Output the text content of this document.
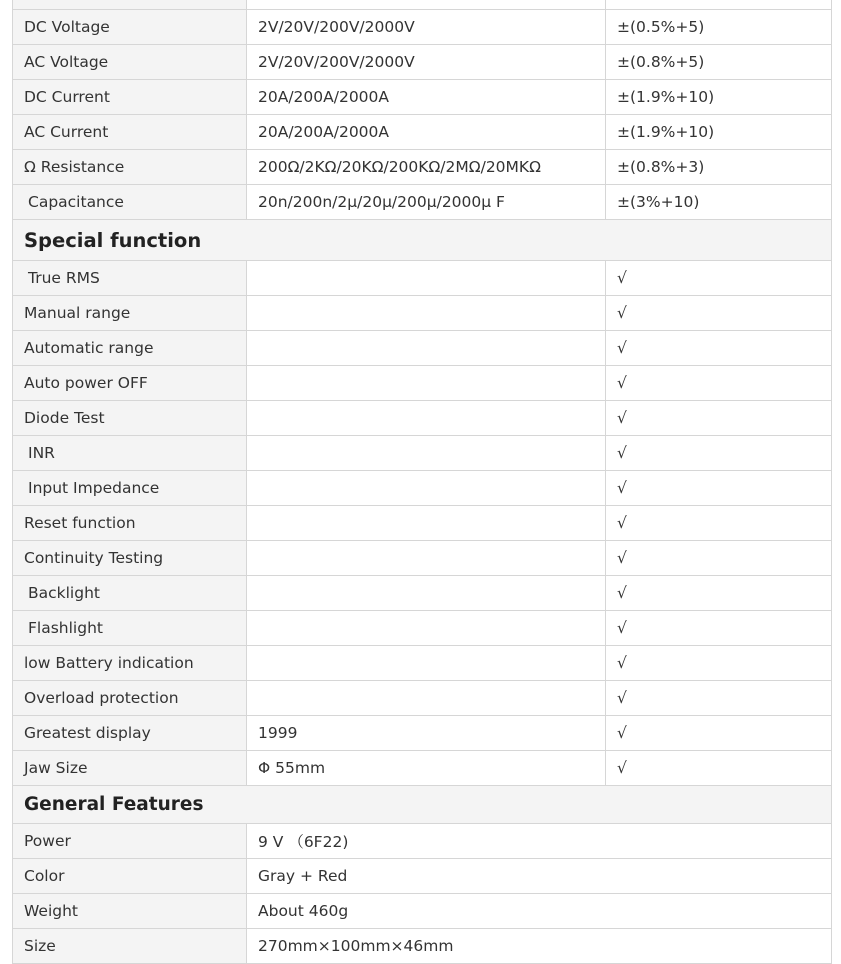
DC Voltage	2V/20V/200V/2000V	±(0.5%+5)
AC Voltage	2V/20V/200V/2000V	±(0.8%+5)
DC Current	20A/200A/2000A	±(1.9%+10)
AC Current	20A/200A/2000A	±(1.9%+10)
Ω Resistance	200Ω/2KΩ/20KΩ/200KΩ/2MΩ/20MKΩ	±(0.8%+3)
Capacitance	20n/200n/2µ/20µ/200µ/2000µ F	±(3%+10)
Special function		
True RMS		√
Manual range		√
Automatic range		√
Auto power OFF		√
Diode Test		√
INR		√
Input Impedance		√
Reset function		√
Continuity Testing		√
Backlight		√
Flashlight		√
low Battery indication		√
Overload protection		√
Greatest display	1999	√
Jaw Size	Φ 55mm	√
General Features		
Power	9 V （6F22)	
Color	Gray + Red	
Weight	About 460g	
Size	270mm×100mm×46mm	
